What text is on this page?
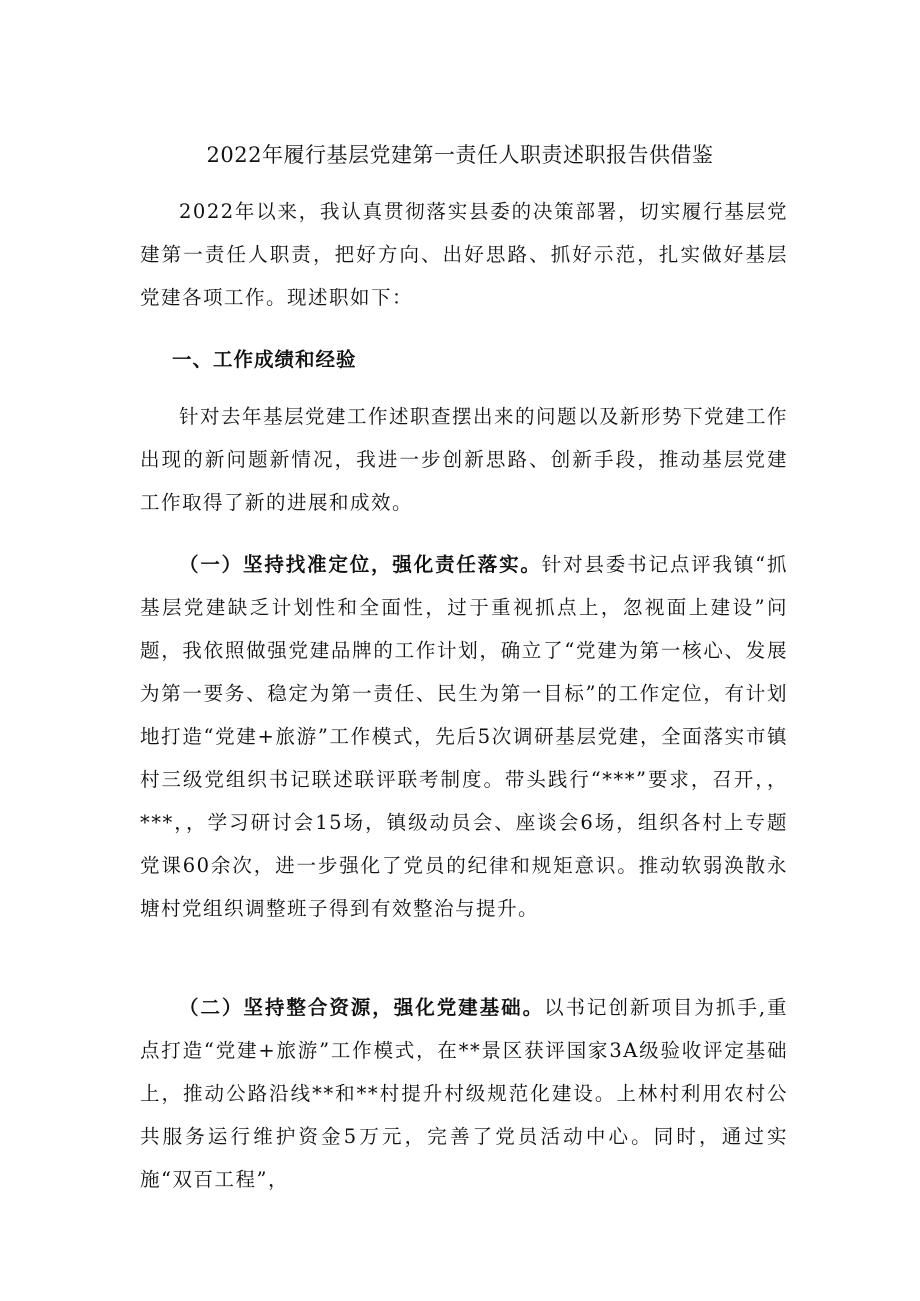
2022年履行基层党建第一责任人职责述职报告供借鉴
2022年以来，我认真贯彻落实县委的决策部署，切实履行基层党建第一责任人职责，把好方向、出好思路、抓好示范，扎实做好基层党建各项工作。现述职如下：
一、工作成绩和经验
针对去年基层党建工作述职查摆出来的问题以及新形势下党建工作出现的新问题新情况，我进一步创新思路、创新手段，推动基层党建工作取得了新的进展和成效。
（一）坚持找准定位，强化责任落实。针对县委书记点评我镇“抓基层党建缺乏计划性和全面性，过于重视抓点上，忽视面上建设”问题，我依照做强党建品牌的工作计划，确立了“党建为第一核心、发展为第一要务、稳定为第一责任、民生为第一目标”的工作定位，有计划地打造“党建+旅游”工作模式，先后5次调研基层党建，全面落实市镇村三级党组织书记联述联评联考制度。带头践行“***”要求，召开，，***，，学习研讨会15场，镇级动员会、座谈会6场，组织各村上专题党课60余次，进一步强化了党员的纪律和规矩意识。推动软弱涣散永塘村党组织调整班子得到有效整治与提升。
（二）坚持整合资源，强化党建基础。以书记创新项目为抓手,重点打造“党建+旅游”工作模式，在**景区获评国家3A级验收评定基础上，推动公路沿线**和**村提升村级规范化建设。上林村利用农村公共服务运行维护资金5万元，完善了党员活动中心。同时，通过实施“双百工程”，
